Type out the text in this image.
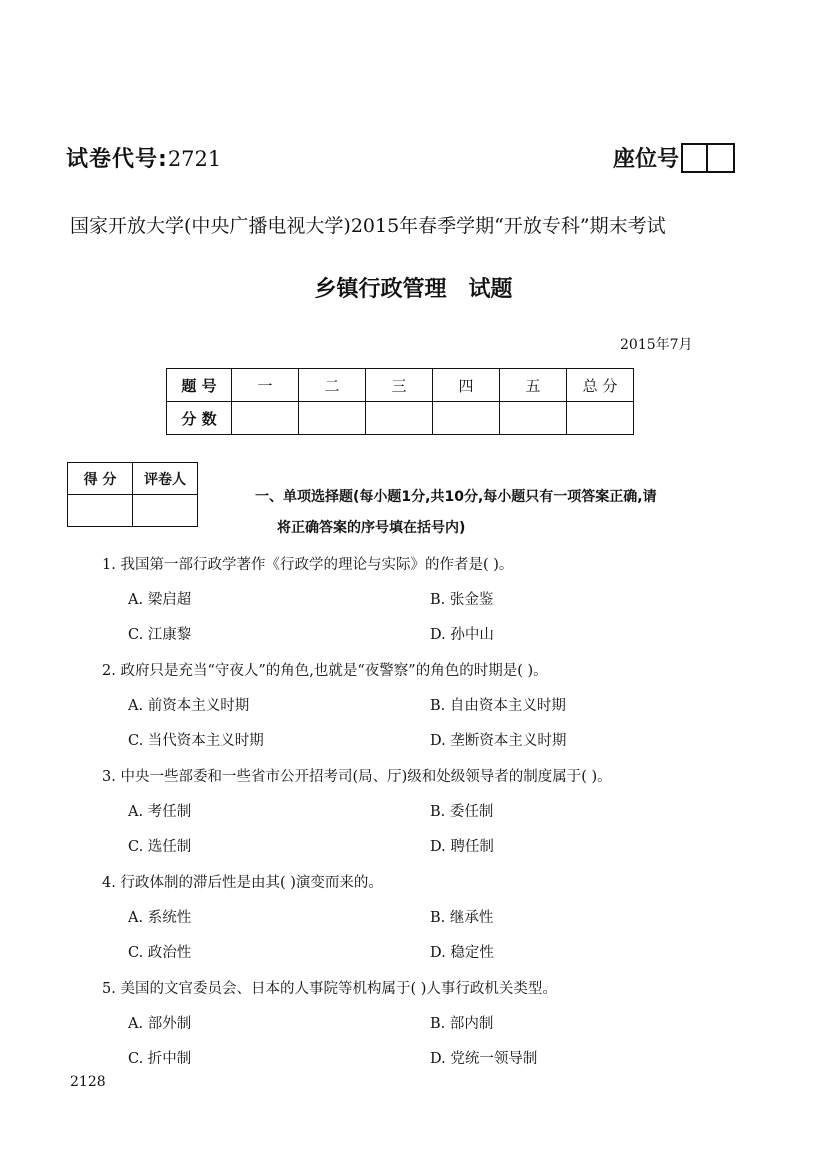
试卷代号:2721	座位号
国家开放大学(中央广播电视大学)2015年春季学期“开放专科”期末考试
乡镇行政管理 试题
2015年7月
题 号	一	二	三	四	五	总 分
分 数						
得 分	评卷人

一、单项选择题(每小题1分,共10分,每小题只有一项答案正确,请
将正确答案的序号填在括号内)
1. 我国第一部行政学著作《行政学的理论与实际》的作者是( )。
A. 梁启超	B. 张金鉴
C. 江康黎	D. 孙中山
2. 政府只是充当“守夜人”的角色,也就是“夜警察”的角色的时期是( )。
A. 前资本主义时期	B. 自由资本主义时期
C. 当代资本主义时期	D. 垄断资本主义时期
3. 中央一些部委和一些省市公开招考司(局、厅)级和处级领导者的制度属于( )。
A. 考任制	B. 委任制
C. 选任制	D. 聘任制
4. 行政体制的滞后性是由其( )演变而来的。
A. 系统性	B. 继承性
C. 政治性	D. 稳定性
5. 美国的文官委员会、日本的人事院等机构属于( )人事行政机关类型。
A. 部外制	B. 部内制
C. 折中制	D. 党统一领导制
2128
